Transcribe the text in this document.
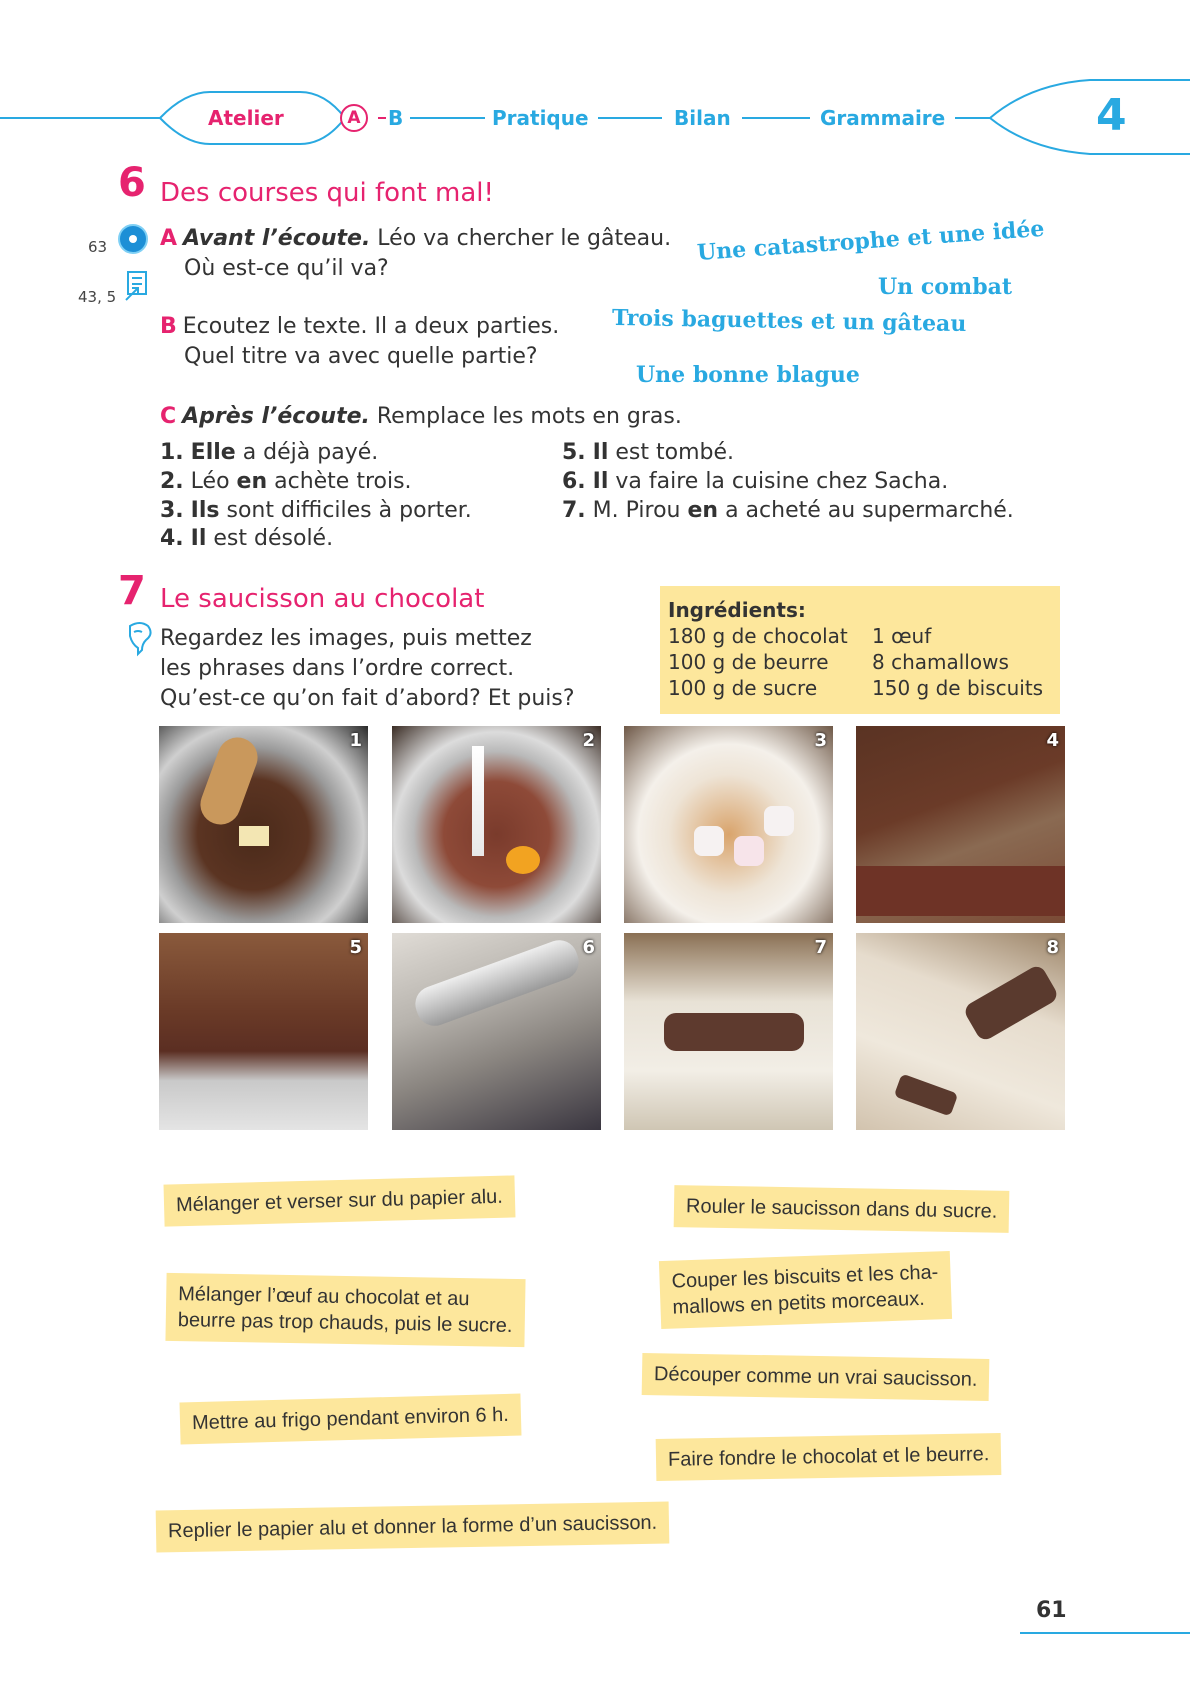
Atelier	A	B	Pratique	Bilan	Grammaire	4
6 Des courses qui font mal!
63
43, 5
A Avant l’écoute. Léo va chercher le gâteau.
Où est-ce qu’il va?
B Ecoutez le texte. Il a deux parties.
Quel titre va avec quelle partie?
Une catastrophe et une idée
Un combat
Trois baguettes et un gâteau
Une bonne blague
C Après l’écoute. Remplace les mots en gras.
1. Elle a déjà payé.
2. Léo en achète trois.
3. Ils sont difficiles à porter.
4. Il est désolé.
5. Il est tombé.
6. Il va faire la cuisine chez Sacha.
7. M. Pirou en a acheté au supermarché.
7 Le saucisson au chocolat
Regardez les images, puis mettez
les phrases dans l’ordre correct.
Qu’est-ce qu’on fait d’abord? Et puis?
Ingrédients:
180 g de chocolat
100 g de beurre
100 g de sucre
1 œuf
8 chamallows
150 g de biscuits
1	2	3	4
5	6	7	8
Mélanger et verser sur du papier alu.	Rouler le saucisson dans du sucre.
Mélanger l’œuf au chocolat et au
beurre pas trop chauds, puis le sucre.
Couper les biscuits et les cha-
mallows en petits morceaux.
Découper comme un vrai saucisson.
Mettre au frigo pendant environ 6 h.
Faire fondre le chocolat et le beurre.
Replier le papier alu et donner la forme d’un saucisson.
61
